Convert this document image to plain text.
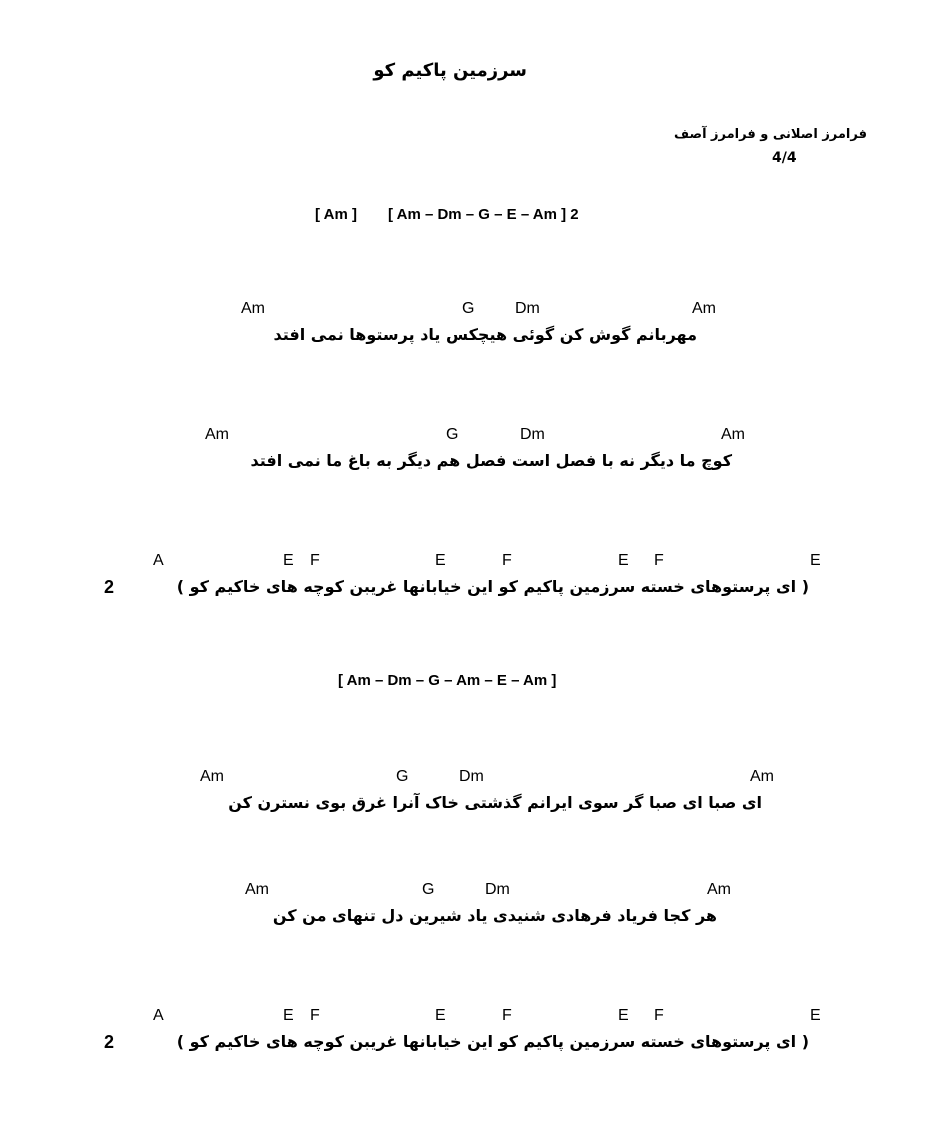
سرزمین پاکیم کو
فرامرز اصلانی و فرامرز آصف
4/4
[ Am ] [ Am – Dm – G – E – Am ] 2
Am
Dm
G
Am
مهربانم گوش کن گوئی هیچکس یاد پرستوها نمی افتد
Am
Dm
G
Am
کوچ ما دیگر نه با فصل است فصل هم دیگر به باغ ما نمی افتد
E
F
E
F
E
F
E
A
( ای پرستوهای خسته سرزمین پاکیم کو این خیابانها غریبن کوچه های خاکیم کو )
2
[ Am – Dm – G – Am – E – Am ]
Am
Dm
G
Am
ای صبا ای صبا گر سوی ایرانم گذشتی خاک آنرا غرق بوی نسترن کن
Am
Dm
G
Am
هر کجا فریاد فرهادی شنیدی یاد شیرین دل تنهای من کن
E
F
E
F
E
F
E
A
( ای پرستوهای خسته سرزمین پاکیم کو این خیابانها غریبن کوچه های خاکیم کو )
2
